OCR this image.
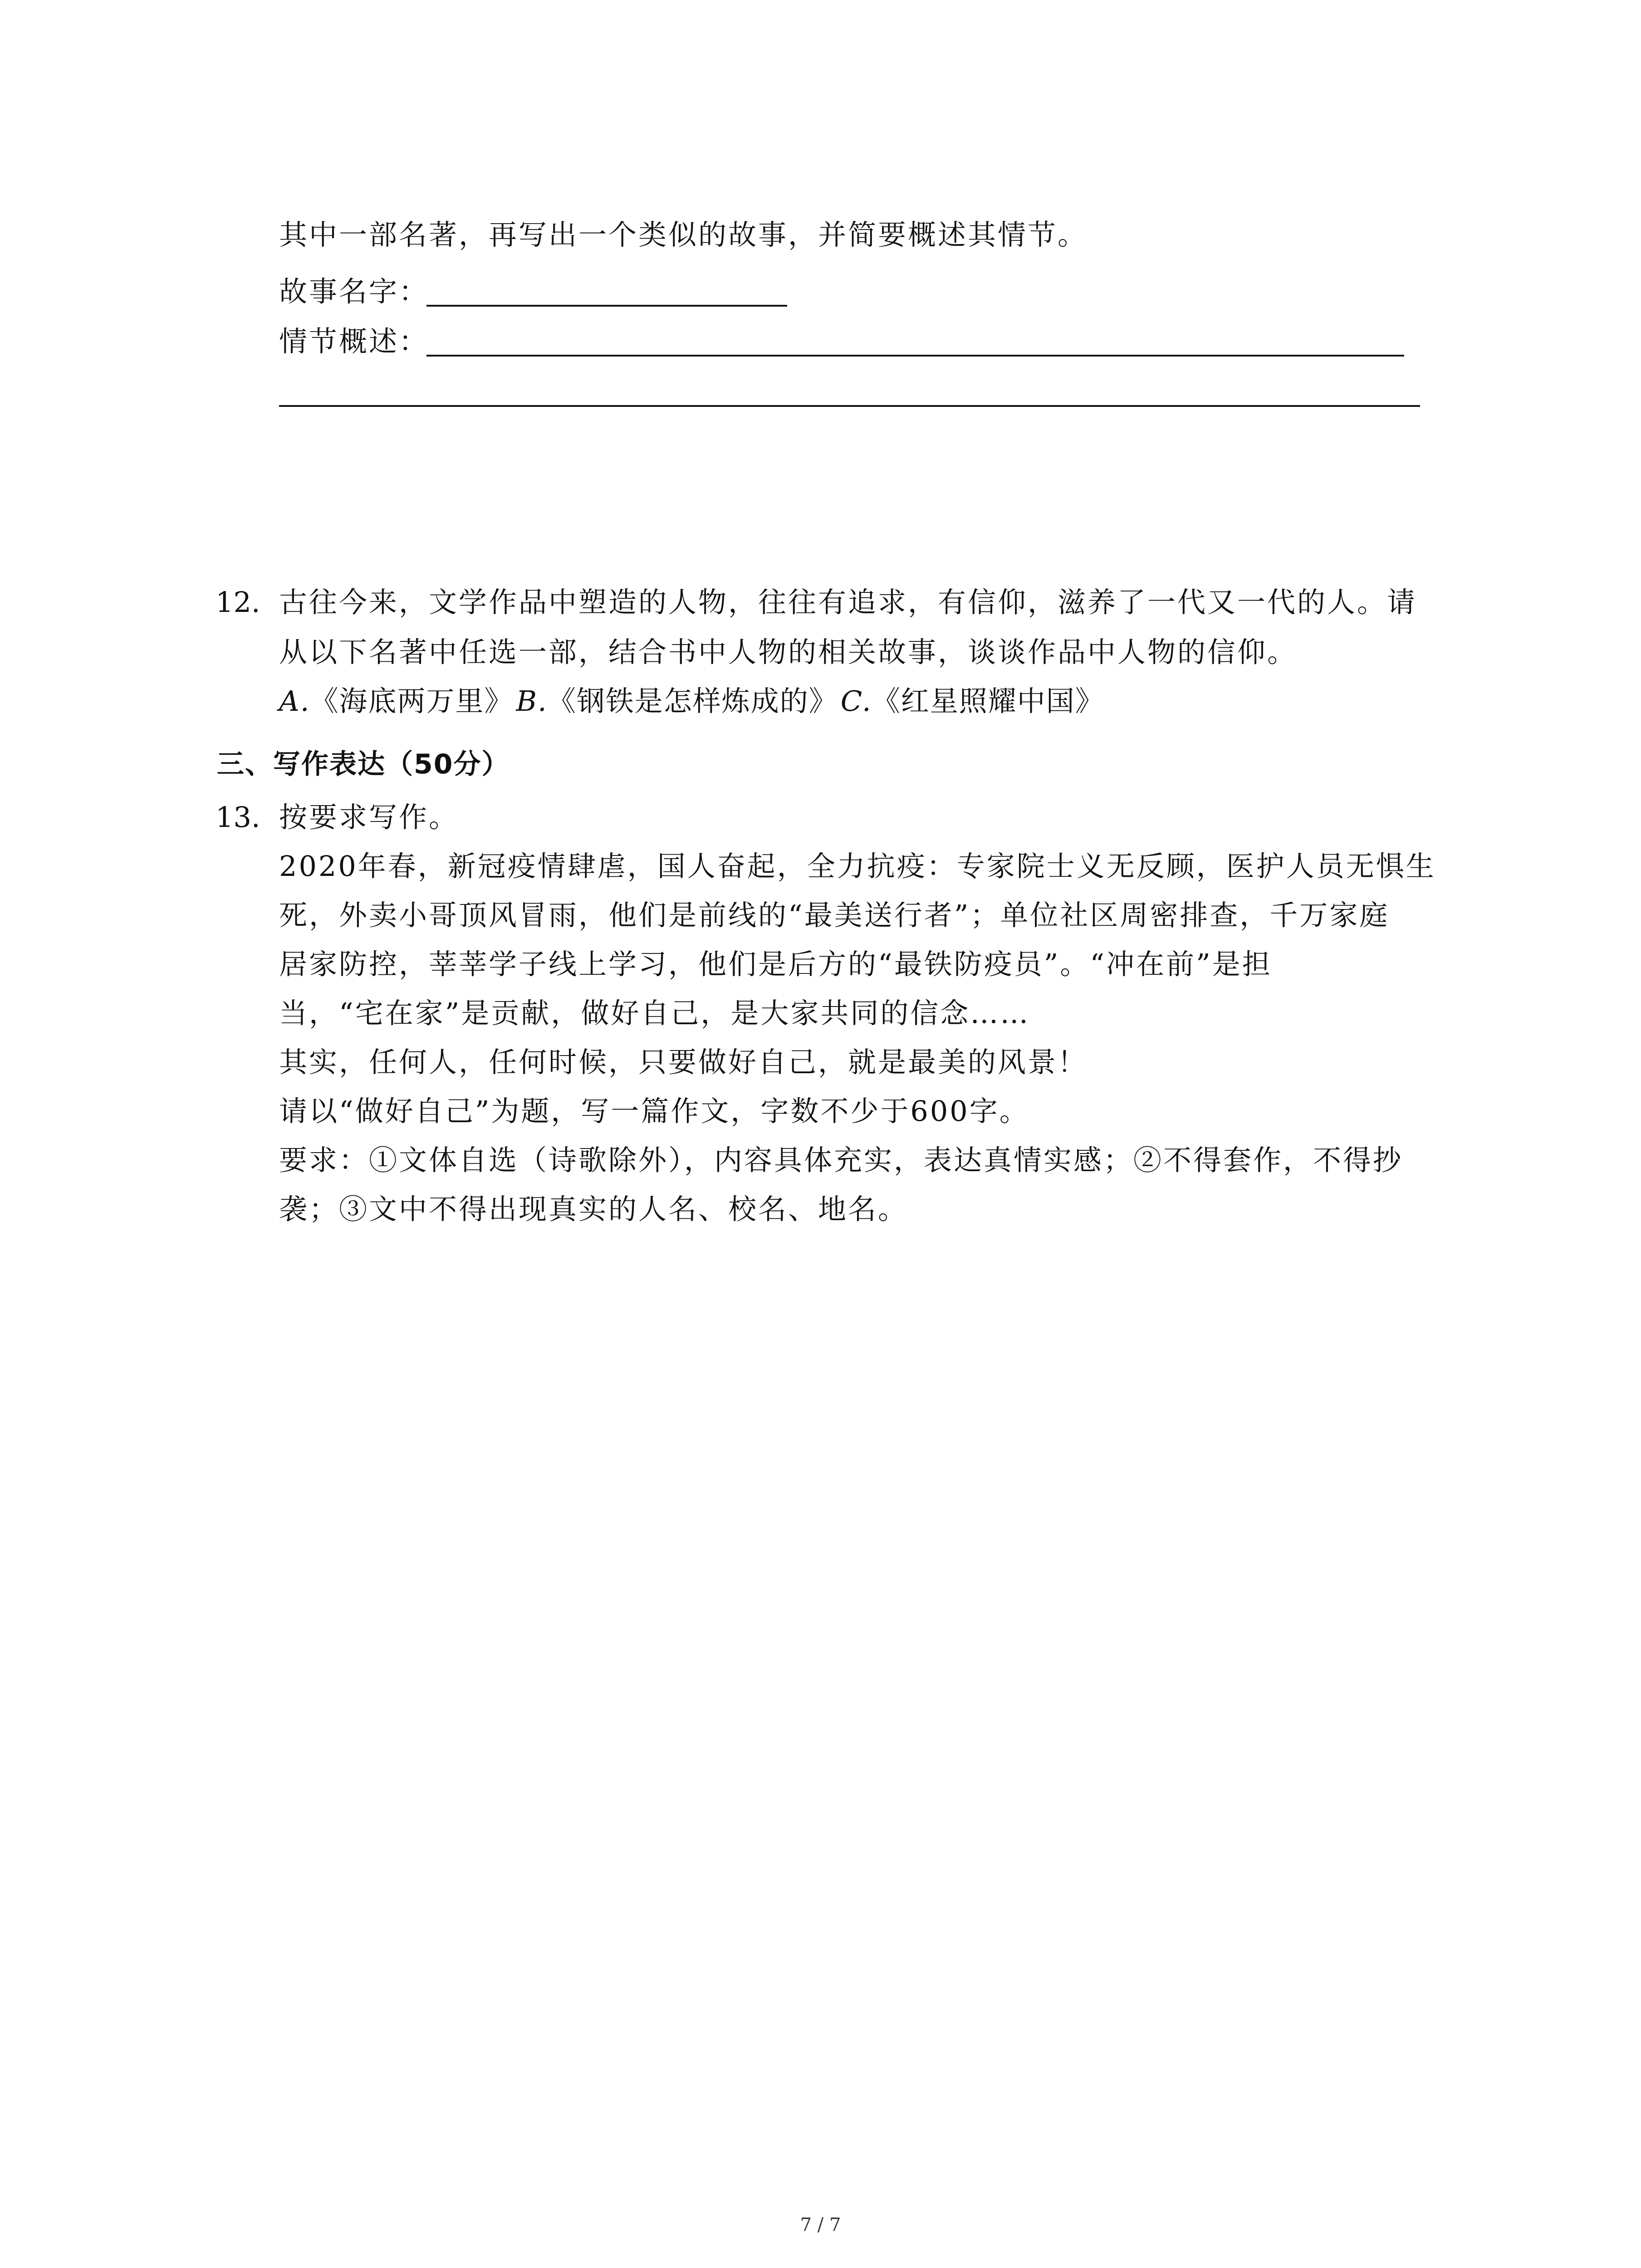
其中一部名著，再写出一个类似的故事，并简要概述其情节。
故事名字：
情节概述：
12. 古往今来，文学作品中塑造的人物，往往有追求，有信仰，滋养了一代又一代的人。请
从以下名著中任选一部，结合书中人物的相关故事，谈谈作品中人物的信仰。
A.《海底两万里》B.《钢铁是怎样炼成的》C.《红星照耀中国》
三、写作表达（50分）
13. 按要求写作。
2020年春，新冠疫情肆虐，国人奋起，全力抗疫：专家院士义无反顾，医护人员无惧生
死，外卖小哥顶风冒雨，他们是前线的“最美送行者”；单位社区周密排查，千万家庭
居家防控，莘莘学子线上学习，他们是后方的“最铁防疫员”。“冲在前”是担
当，“宅在家”是贡献，做好自己，是大家共同的信念……
其实，任何人，任何时候，只要做好自己，就是最美的风景！
请以“做好自己”为题，写一篇作文，字数不少于600字。
要求：①文体自选（诗歌除外），内容具体充实，表达真情实感；②不得套作，不得抄
袭；③文中不得出现真实的人名、校名、地名。
7 / 7
